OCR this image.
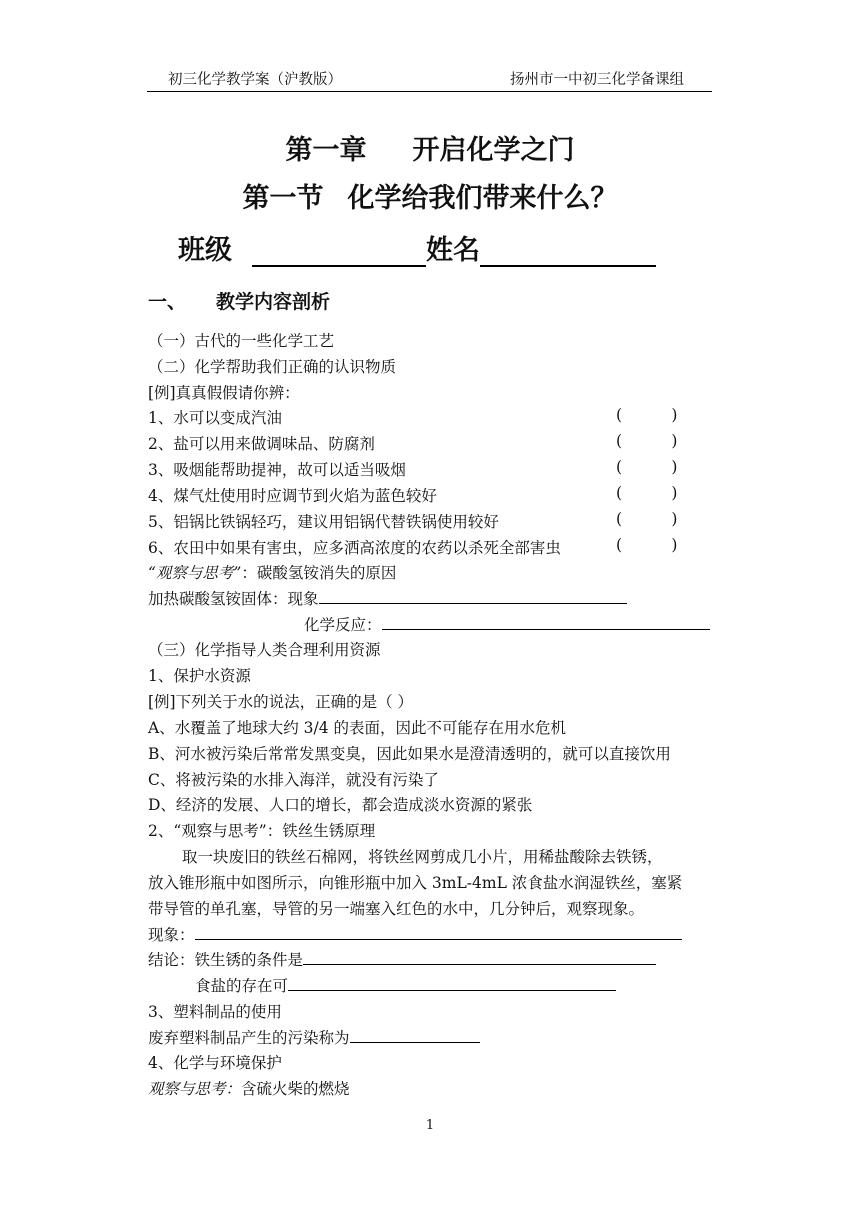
初三化学教学案（沪教版）	扬州市一中初三化学备课组
第一章 开启化学之门
第一节 化学给我们带来什么？
班级	姓名
一、 教学内容剖析
（一）古代的一些化学工艺
（二）化学帮助我们正确的认识物质
[例]真真假假请你辨：
1、水可以变成汽油	(          )
2、盐可以用来做调味品、防腐剂	(          )
3、吸烟能帮助提神，故可以适当吸烟	(          )
4、煤气灶使用时应调节到火焰为蓝色较好	(          )
5、铝锅比铁锅轻巧，建议用铝锅代替铁锅使用较好	(          )
6、农田中如果有害虫，应多洒高浓度的农药以杀死全部害虫	(          )
“观察与思考”：碳酸氢铵消失的原因
加热碳酸氢铵固体：现象
化学反应：
（三）化学指导人类合理利用资源
1、保护水资源
[例]下列关于水的说法，正确的是（ ）
A、水覆盖了地球大约 3/4 的表面，因此不可能存在用水危机
B、河水被污染后常常发黑变臭，因此如果水是澄清透明的，就可以直接饮用
C、将被污染的水排入海洋，就没有污染了
D、经济的发展、人口的增长，都会造成淡水资源的紧张
2、“观察与思考”：铁丝生锈原理
取一块废旧的铁丝石棉网，将铁丝网剪成几小片，用稀盐酸除去铁锈，
放入锥形瓶中如图所示，向锥形瓶中加入 3mL-4mL 浓食盐水润湿铁丝，塞紧
带导管的单孔塞，导管的另一端塞入红色的水中，几分钟后，观察现象。
现象：
结论：铁生锈的条件是
食盐的存在可
3、塑料制品的使用
废弃塑料制品产生的污染称为
4、化学与环境保护
观察与思考：含硫火柴的燃烧
1
